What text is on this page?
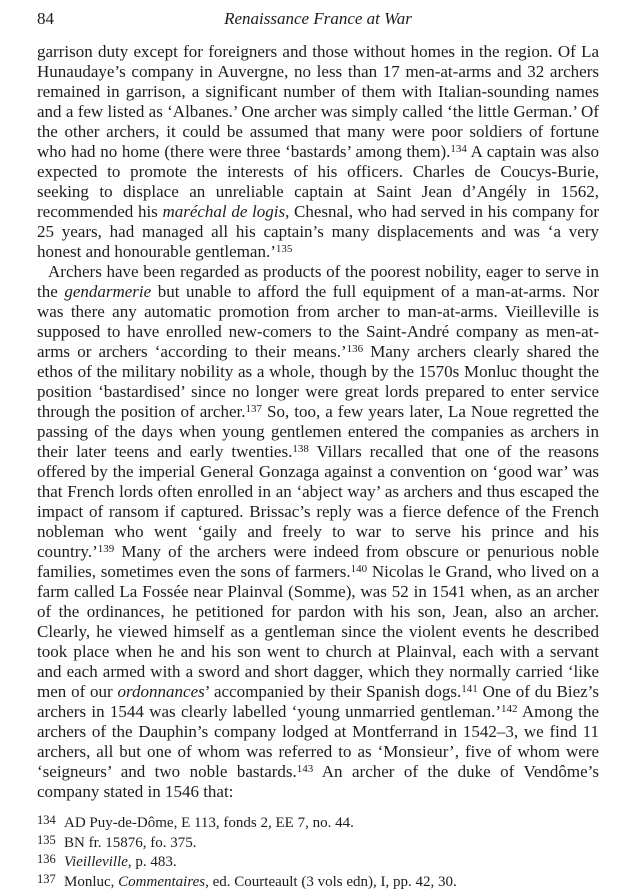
84	Renaissance France at War

garrison duty except for foreigners and those without homes in the region. Of La Hunaudaye’s company in Auvergne, no less than 17 men-at-arms and 32 archers remained in garrison, a significant number of them with Italian-sounding names and a few listed as ‘Albanes.’ One archer was simply called ‘the little German.’ Of the other archers, it could be assumed that many were poor soldiers of fortune who had no home (there were three ‘bastards’ among them).$^{134}$ A captain was also expected to promote the interests of his officers. Charles de Coucys-Burie, seeking to displace an unreliable captain at Saint Jean d’Angély in 1562, recommended his maréchal de logis, Chesnal, who had served in his company for 25 years, had managed all his captain’s many displacements and was ‘a very honest and honourable gentleman.’$^{135}$

Archers have been regarded as products of the poorest nobility, eager to serve in the gendarmerie but unable to afford the full equipment of a man-at-arms. Nor was there any automatic promotion from archer to man-at-arms. Vieilleville is supposed to have enrolled new-comers to the Saint-André company as men-at-arms or archers ‘according to their means.’$^{136}$ Many archers clearly shared the ethos of the military nobility as a whole, though by the 1570s Monluc thought the position ‘bastardised’ since no longer were great lords prepared to enter service through the position of archer.$^{137}$ So, too, a few years later, La Noue regretted the passing of the days when young gentlemen entered the companies as archers in their later teens and early twenties.$^{138}$ Villars recalled that one of the reasons offered by the imperial General Gonzaga against a convention on ‘good war’ was that French lords often enrolled in an ‘abject way’ as archers and thus escaped the impact of ransom if captured. Brissac’s reply was a fierce defence of the French nobleman who went ‘gaily and freely to war to serve his prince and his country.’$^{139}$ Many of the archers were indeed from obscure or penurious noble families, sometimes even the sons of farmers.$^{140}$ Nicolas le Grand, who lived on a farm called La Fossée near Plainval (Somme), was 52 in 1541 when, as an archer of the ordinances, he petitioned for pardon with his son, Jean, also an archer. Clearly, he viewed himself as a gentleman since the violent events he described took place when he and his son went to church at Plainval, each with a servant and each armed with a sword and short dagger, which they normally carried ‘like men of our ordonnances’ accompanied by their Spanish dogs.$^{141}$ One of du Biez’s archers in 1544 was clearly labelled ‘young unmarried gentleman.’$^{142}$ Among the archers of the Dauphin’s company lodged at Montferrand in 1542–3, we find 11 archers, all but one of whom was referred to as ‘Monsieur’, five of whom were ‘seigneurs’ and two noble bastards.$^{143}$ An archer of the duke of Vendôme’s company stated in 1546 that:

134 AD Puy-de-Dôme, E 113, fonds 2, EE 7, no. 44.
135 BN fr. 15876, fo. 375.
136 Vieilleville, p. 483.
137 Monluc, Commentaires, ed. Courteault (3 vols edn), I, pp. 42, 30.
